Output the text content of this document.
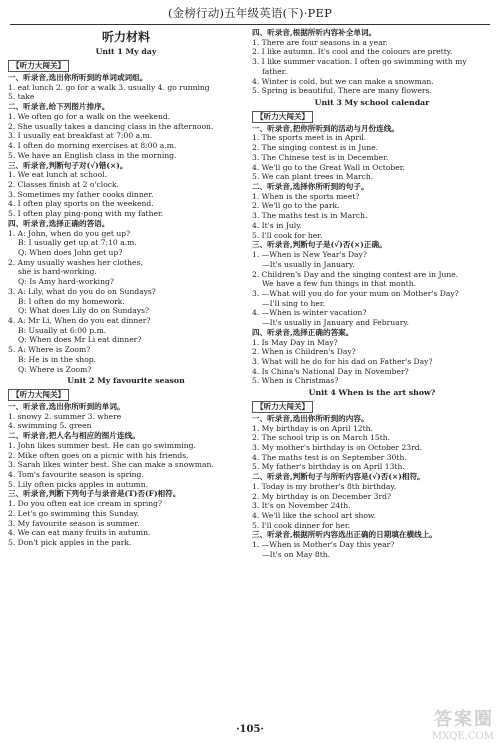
(金榜行动)五年级英语(下)·PEP
听力材料
Unit 1 My day
【听力大闯关】
一、听录音,选出你所听到的单词或词组。
1. eat lunch 2. go for a walk 3. usually 4. go running
5. take
二、听录音,给下列图片排序。
1. We often go for a walk on the weekend.
2. She usually takes a dancing class in the afternoon.
3. I usually eat breakfast at 7:00 a.m.
4. I often do morning exercises at 8:00 a.m.
5. We have an English class in the morning.
三、听录音,判断句子对(√)错(×)。
1. We eat lunch at school.
2. Classes finish at 2 o'clock.
3. Sometimes my father cooks dinner.
4. I often play sports on the weekend.
5. I often play ping-pong with my father.
四、听录音,选择正确的答语。
1. A: John, when do you get up?
B: I usually get up at 7:10 a.m.
Q: When does John get up?
2. Amy usually washes her clothes,
she is hard-working.
Q: Is Amy hard-working?
3. A: Lily, what do you do on Sundays?
B: I often do my homework.
Q: What does Lily do on Sundays?
4. A: Mr Li, When do you eat dinner?
B: Usually at 6:00 p.m.
Q: When does Mr Li eat dinner?
5. A: Where is Zoom?
B: He is in the shop.
Q: Where is Zoom?
Unit 2 My favourite season
【听力大闯关】
一、听录音,选出你所听到的单词。
1. snowy 2. summer 3. where
4. swimming 5. green
二、听录音,把人名与相应的图片连线。
1. John likes summer best. He can go swimming.
2. Mike often goes on a picnic with his friends.
3. Sarah likes winter best. She can make a snowman.
4. Tom's favourite season is spring.
5. Lily often picks apples in autumn.
三、听录音,判断下列句子与录音是(T)否(F)相符。
1. Do you often eat ice cream in spring?
2. Let's go swimming this Sunday.
3. My favourite season is summer.
4. We can eat many fruits in autumn.
5. Don't pick apples in the park.
四、听录音,根据所听内容补全单词。
1. There are four seasons in a year.
2. I like autumn. It's cool and the colours are pretty.
3. I like summer vacation. I often go swimming with my
father.
4. Winter is cold, but we can make a snowman.
5. Spring is beautiful. There are many flowers.
Unit 3 My school calendar
【听力大闯关】
一、听录音,把你所听到的活动与月份连线。
1. The sports meet is in April.
2. The singing contest is in June.
3. The Chinese test is in December.
4. We'll go to the Great Wall in October.
5. We can plant trees in March.
二、听录音,选择你所听到的句子。
1. When is the sports meet?
2. We'll go to the park.
3. The maths test is in March.
4. It's in July.
5. I'll cook for her.
三、听录音,判断句子是(√)否(×)正确。
1. —When is New Year's Day?
—It's usually in January.
2. Children's Day and the singing contest are in June.
We have a few fun things in that month.
3. —What will you do for your mum on Mother's Day?
—I'll sing to her.
4. —When is winter vacation?
—It's usually in January and February.
四、听录音,选择正确的答案。
1. Is May Day in May?
2. When is Children's Day?
3. What will he do for his dad on Father's Day?
4. Is China's National Day in November?
5. When is Christmas?
Unit 4 When is the art show?
【听力大闯关】
一、听录音,选出你所听到的内容。
1. My birthday is on April 12th.
2. The school trip is on March 15th.
3. My mother's birthday is on October 23rd.
4. The maths test is on September 30th.
5. My father's birthday is on April 13th.
二、听录音,判断句子与所听内容是(√)否(×)相符。
1. Today is my brother's 8th birthday.
2. My birthday is on December 3rd?
3. It's on November 24th.
4. We'll like the school art show.
5. I'll cook dinner for her.
三、听录音,根据所听内容选出正确的日期填在横线上。
1. —When is Mother's Day this year?
—It's on May 8th.
·105·	答案圈
MXQE.COM
